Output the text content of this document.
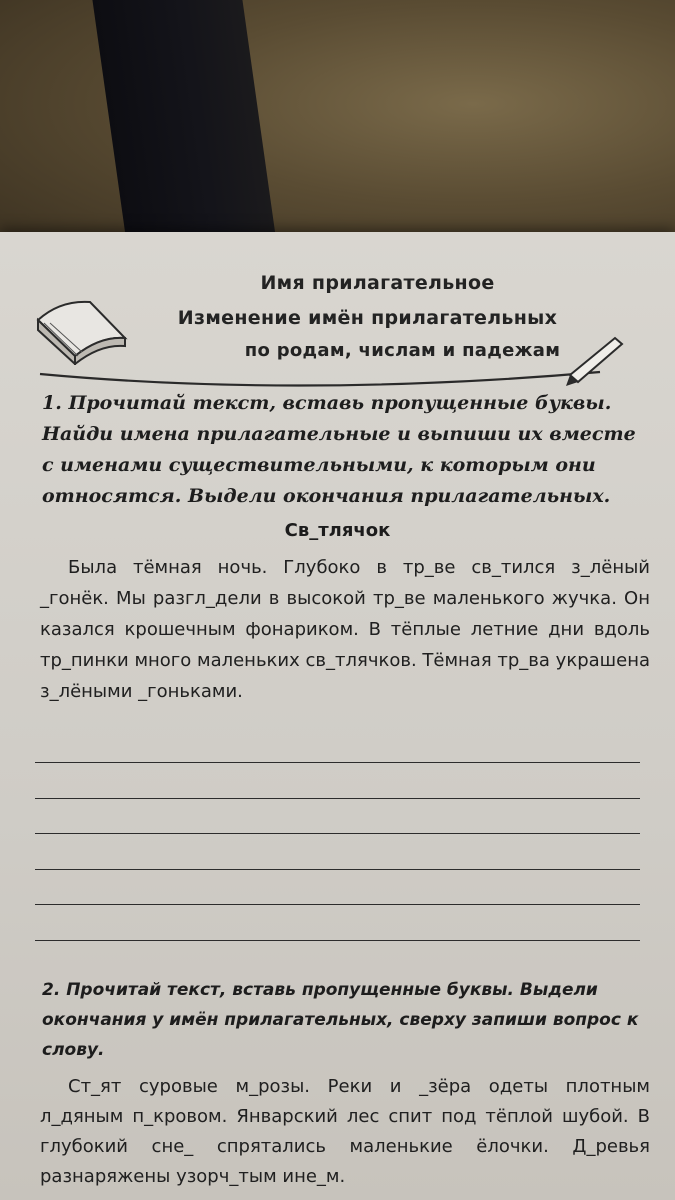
Имя прилагательное
Изменение имён прилагательных
по родам, числам и падежам
1. Прочитай текст, вставь пропущенные буквы. Найди имена прилагательные и выпиши их вместе с именами существительными, к которым они относятся. Выдели окончания прилагательных.
Св_тлячок
Была тёмная ночь. Глубоко в тр_ве св_тился з_лёный _гонёк. Мы разгл_дели в высокой тр_ве маленького жучка. Он казался крошечным фонариком. В тёплые летние дни вдоль тр_пинки много маленьких св_тлячков. Тёмная тр_ва украшена з_лёными _гоньками.
2. Прочитай текст, вставь пропущенные буквы. Выдели окончания у имён прилагательных, сверху запиши вопрос к слову.
Ст_ят суровые м_розы. Реки и _зёра одеты плотным л_дяным п_кровом. Январский лес спит под тёплой шубой. В глубокий сне_ спрятались маленькие ёлочки. Д_ревья разнаряжены узорч_тым ине_м.
